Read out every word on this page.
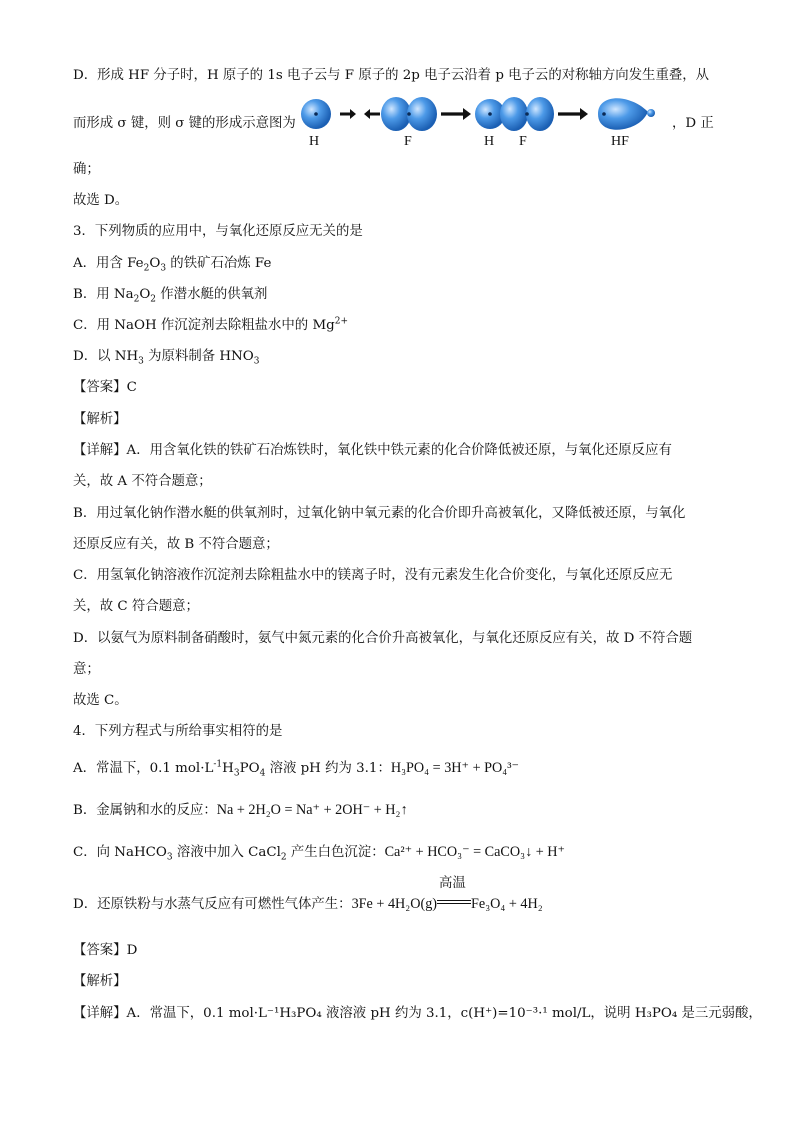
D．形成 HF 分子时，H 原子的 1s 电子云与 F 原子的 2p 电子云沿着 p 电子云的对称轴方向发生重叠，从
而形成 σ 键，则 σ 键的形成示意图为
H	F	H F	HF
，D 正
确；
故选 D。
3．下列物质的应用中，与氧化还原反应无关的是
A．用含 $Fe_2O_3$ 的铁矿石冶炼 Fe
B．用 $Na_2O_2$ 作潜水艇的供氧剂
C．用 NaOH 作沉淀剂去除粗盐水中的 $Mg^{2+}$
D．以 $NH_3$ 为原料制备 $HNO_3$
【答案】C
【解析】
【详解】A．用含氧化铁的铁矿石冶炼铁时，氧化铁中铁元素的化合价降低被还原，与氧化还原反应有
关，故 A 不符合题意；
B．用过氧化钠作潜水艇的供氧剂时，过氧化钠中氧元素的化合价即升高被氧化，又降低被还原，与氧化
还原反应有关，故 B 不符合题意；
C．用氢氧化钠溶液作沉淀剂去除粗盐水中的镁离子时，没有元素发生化合价变化，与氧化还原反应无
关，故 C 符合题意；
D．以氨气为原料制备硝酸时，氨气中氮元素的化合价升高被氧化，与氧化还原反应有关，故 D 不符合题
意；
故选 C。
4．下列方程式与所给事实相符的是
A．常温下，0.1 $mol\cdot L^{-1}H_3PO_4$ 溶液 pH 约为 3.1：H₃PO₄ = 3H⁺ + PO₄³⁻
B．金属钠和水的反应：Na + 2H₂O = Na⁺ + 2OH⁻ + H₂↑
C．向 NaHCO$_3$ 溶液中加入 CaCl$_2$ 产生白色沉淀：Ca²⁺ + HCO₃⁻ = CaCO₃↓ + H⁺
D．还原铁粉与水蒸气反应有可燃性气体产生：3Fe + 4H₂O(g)
高温
Fe₃O₄ + 4H₂
【答案】D
【解析】
【详解】A．常温下，0.1 mol·L⁻¹H₃PO₄ 液溶液 pH 约为 3.1，c(H⁺)=10⁻³·¹ mol/L，说明 H₃PO₄ 是三元弱酸，
